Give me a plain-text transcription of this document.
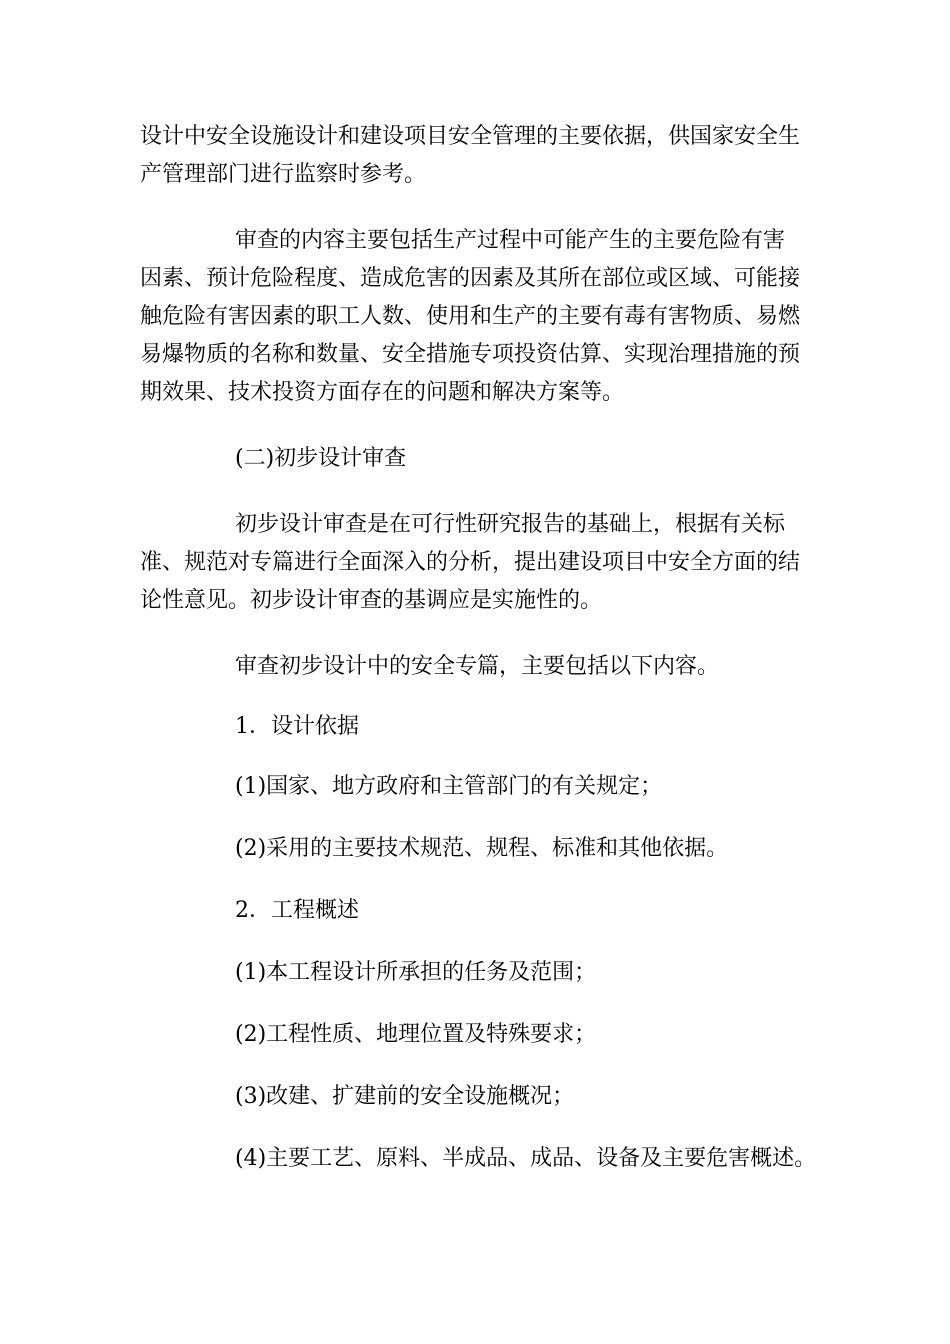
设计中安全设施设计和建设项目安全管理的主要依据，供国家安全生
产管理部门进行监察时参考。
审查的内容主要包括生产过程中可能产生的主要危险有害
因素、预计危险程度、造成危害的因素及其所在部位或区域、可能接
触危险有害因素的职工人数、使用和生产的主要有毒有害物质、易燃
易爆物质的名称和数量、安全措施专项投资估算、实现治理措施的预
期效果、技术投资方面存在的问题和解决方案等。
(二)初步设计审查
初步设计审查是在可行性研究报告的基础上，根据有关标
准、规范对专篇进行全面深入的分析，提出建设项目中安全方面的结
论性意见。初步设计审查的基调应是实施性的。
审查初步设计中的安全专篇，主要包括以下内容。
1．设计依据
(1)国家、地方政府和主管部门的有关规定；
(2)采用的主要技术规范、规程、标准和其他依据。
2．工程概述
(1)本工程设计所承担的任务及范围；
(2)工程性质、地理位置及特殊要求；
(3)改建、扩建前的安全设施概况；
(4)主要工艺、原料、半成品、成品、设备及主要危害概述。
